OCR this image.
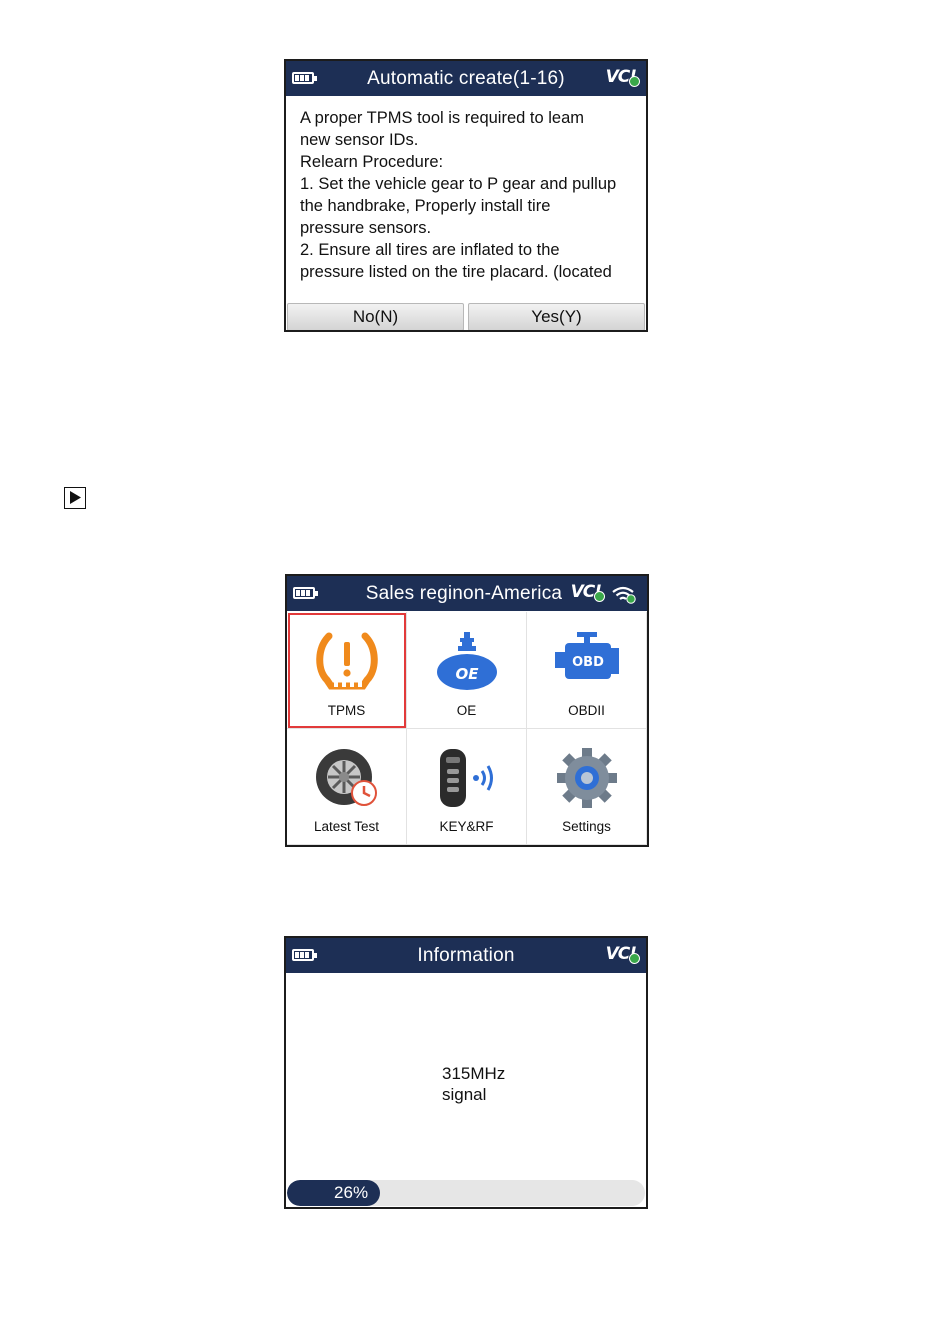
Automatic create(1-16) VC
A proper TPMS tool is required to leam
new sensor IDs.
Relearn Procedure:
1. Set the vehicle gear to P gear and pullup
the handbrake, Properly install tire
pressure sensors.
2. Ensure all tires are inflated to the
pressure listed on the tire placard. (located
No(N)	Yes(Y)
Sales reginon-America VC
TPMS
OE
OE
OBD
OBDII
Latest Test	KEY&RF	Settings
Information	VC
315MHz
signal
26%
